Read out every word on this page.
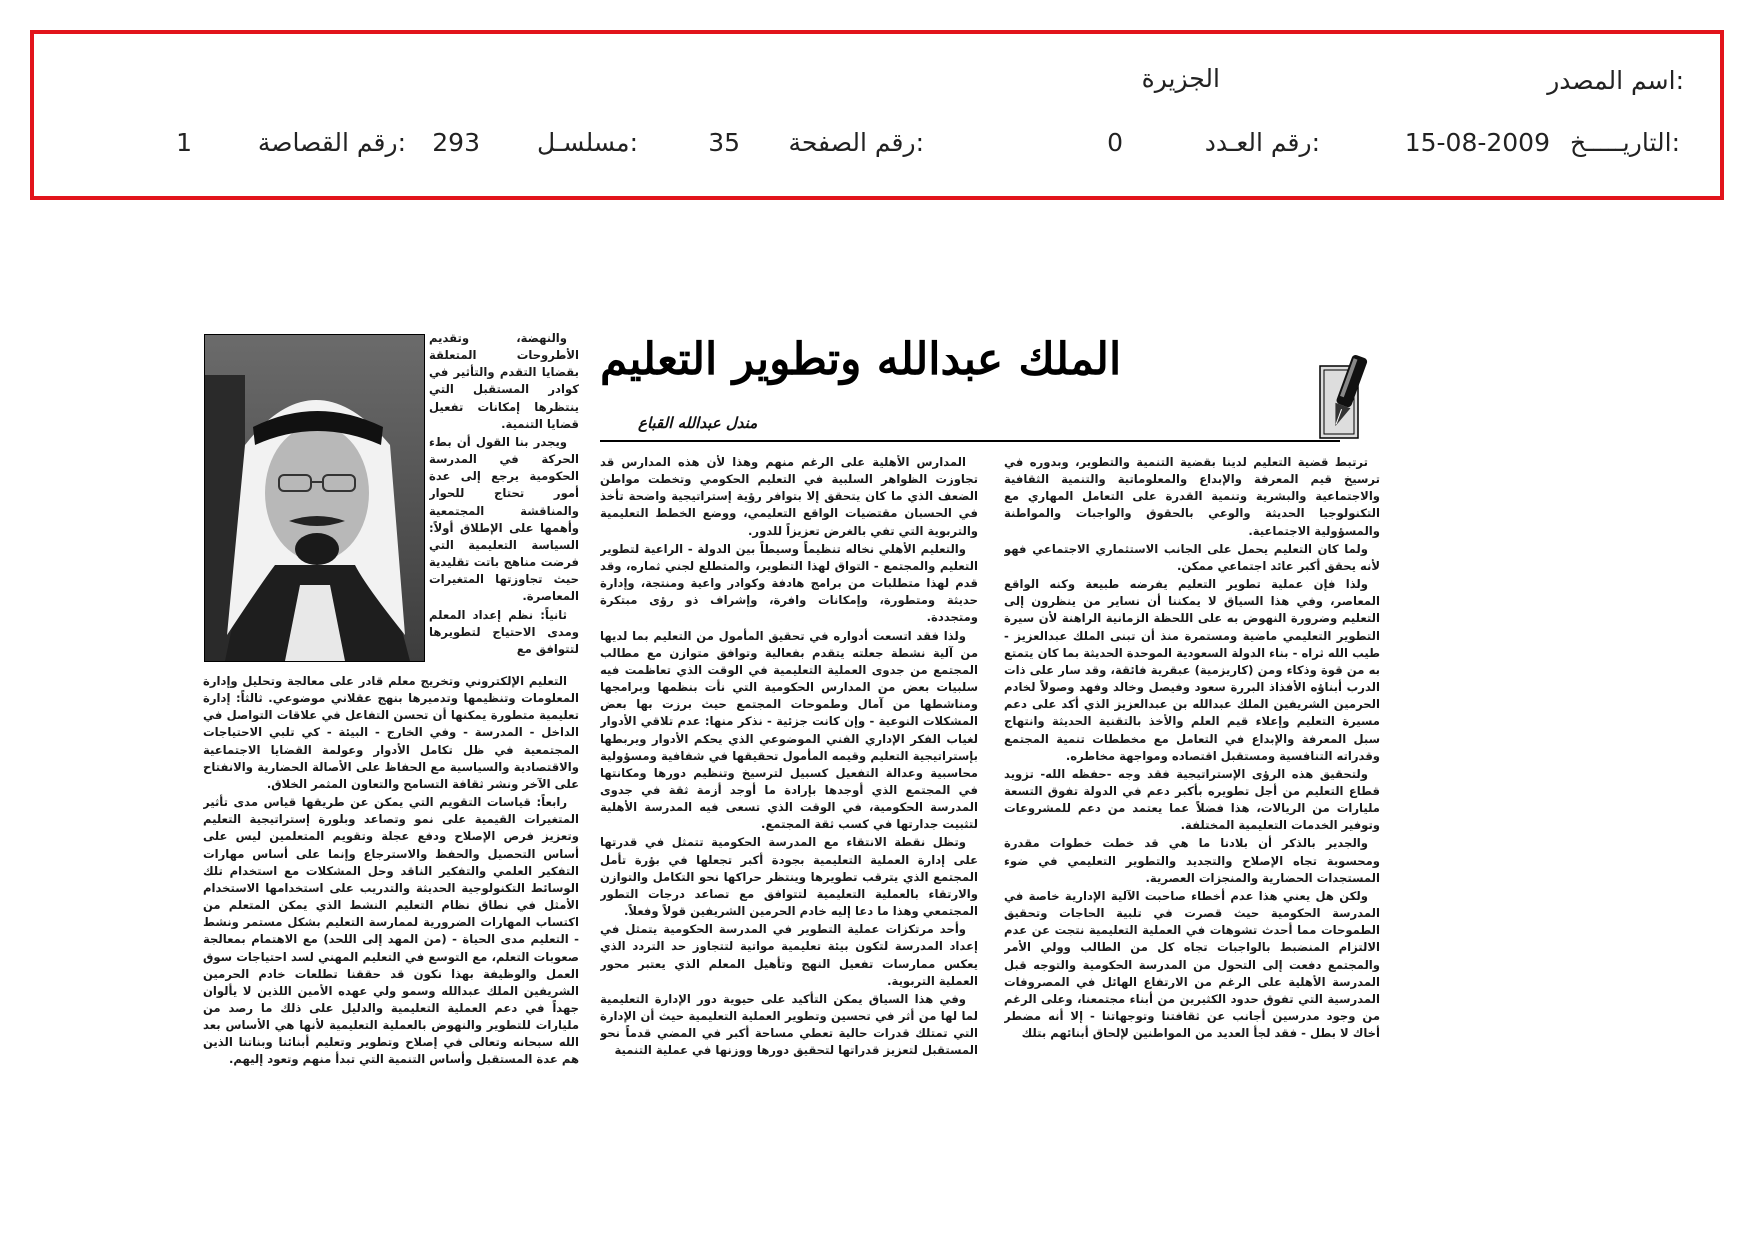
اسم المصدر:
الجزيرة
التاريـــــخ:
15-08-2009
رقم العـدد:
0
رقم الصفحة:
35
مسلسـل:
293
رقم القصاصة:
1
الملك عبدالله وتطوير التعليم
مندل عبدالله القباع

ترتبط قضية التعليم لدينا بقضية التنمية والتطوير، وبدوره في ترسيخ قيم المعرفة والإبداع والمعلوماتية والتنمية الثقافية والاجتماعية والبشرية وتنمية القدرة على التعامل المهاري مع التكنولوجيا الحديثة والوعي بالحقوق والواجبات والمواطنة والمسؤولية الاجتماعية.

ولما كان التعليم يحمل على الجانب الاستثماري الاجتماعي فهو لأنه يحقق أكبر عائد اجتماعي ممكن.

ولذا فإن عملية تطوير التعليم يفرضه طبيعة وكنه الواقع المعاصر، وفي هذا السياق لا يمكننا أن نساير من ينظرون إلى التعليم وضرورة النهوض به على اللحظة الزمانية الراهنة لأن سيرة التطوير التعليمي ماضية ومستمرة منذ أن تبنى الملك عبدالعزيز - طيب الله ثراه - بناء الدولة السعودية الموحدة الحديثة بما كان يتمتع به من قوة وذكاء ومن (كاريزمية) عبقرية فائقة، وقد سار على ذات الدرب أبناؤه الأفذاذ البررة سعود وفيصل وخالد وفهد وصولاً لخادم الحرمين الشريفين الملك عبدالله بن عبدالعزيز الذي أكد على دعم مسيرة التعليم وإعلاء قيم العلم والأخذ بالتقنية الحديثة وانتهاج سبل المعرفة والإبداع في التعامل مع مخططات تنمية المجتمع وقدراته التنافسية ومستقبل اقتصاده ومواجهة مخاطره.

ولتحقيق هذه الرؤى الإستراتيجية فقد وجه -حفظه الله- تزويد قطاع التعليم من أجل تطويره بأكبر دعم في الدولة تفوق التسعة مليارات من الريالات، هذا فضلاً عما يعتمد من دعم للمشروعات وتوفير الخدمات التعليمية المختلفة.

والجدير بالذكر أن بلادنا ما هي قد خطت خطوات مقدرة ومحسوبة تجاه الإصلاح والتجديد والتطوير التعليمي في ضوء المستجدات الحضارية والمنجزات العصرية.

ولكن هل يعني هذا عدم أخطاء صاحبت الآلية الإدارية خاصة في المدرسة الحكومية حيث قصرت في تلبية الحاجات وتحقيق الطموحات مما أحدث تشوهات في العملية التعليمية نتجت عن عدم الالتزام المنضبط بالواجبات تجاه كل من الطالب وولي الأمر والمجتمع دفعت إلى التحول من المدرسة الحكومية والتوجه قبل المدرسة الأهلية على الرغم من الارتفاع الهائل في المصروفات المدرسية التي تفوق حدود الكثيرين من أبناء مجتمعنا، وعلى الرغم من وجود مدرسين أجانب عن ثقافتنا وتوجهاتنا - إلا أنه مضطر أخاك لا بطل - فقد لجأ العديد من المواطنين لإلحاق أبنائهم بتلك

المدارس الأهلية على الرغم منهم وهذا لأن هذه المدارس قد تجاوزت الظواهر السلبية في التعليم الحكومي وتخطت مواطن الضعف الذي ما كان يتحقق إلا بتوافر رؤية إستراتيجية واضحة تأخذ في الحسبان مقتضيات الواقع التعليمي، ووضع الخطط التعليمية والتربوية التي تفي بالغرض تعزيزاً للدور.

والتعليم الأهلي نخاله تنظيماً وسيطاً بين الدولة - الراعية لتطوير التعليم والمجتمع - التواق لهذا التطوير، والمتطلع لجني ثماره، وقد قدم لهذا متطلبات من برامج هادفة وكوادر واعية ومنتجة، وإدارة حديثة ومتطورة، وإمكانات وافرة، وإشراف ذو رؤى مبتكرة ومتجددة.

ولذا فقد اتسعت أدواره في تحقيق المأمول من التعليم بما لديها من آلية نشطة جعلته يتقدم بفعالية وتوافق متوازن مع مطالب المجتمع من جدوى العملية التعليمية في الوقت الذي تعاظمت فيه سلبيات بعض من المدارس الحكومية التي نأت بنظمها وبرامجها ومناشطها من آمال وطموحات المجتمع حيث برزت بها بعض المشكلات النوعية - وإن كانت جزئية - نذكر منها: عدم تلاقي الأدوار لغياب الفكر الإداري الفني الموضوعي الذي يحكم الأدوار ويربطها بإستراتيجية التعليم وقيمه المأمول تحقيقها في شفافية ومسؤولية محاسبية وعدالة التفعيل كسبيل لترسيخ وتنظيم دورها ومكانتها في المجتمع الذي أوجدها بإرادة ما أوجد أزمة ثقة في جدوى المدرسة الحكومية، في الوقت الذي تسعى فيه المدرسة الأهلية لتثبيت جدارتها في كسب ثقة المجتمع.

وتظل نقطة الانتقاء مع المدرسة الحكومية تتمثل في قدرتها على إدارة العملية التعليمية بجودة أكبر تجعلها في بؤرة تأمل المجتمع الذي يترقب تطويرها وينتظر حراكها نحو التكامل والتوازن والارتقاء بالعملية التعليمية لتتوافق مع تصاعد درجات التطور المجتمعي وهذا ما دعا إليه خادم الحرمين الشريفين قولاً وفعلاً.

وأحد مرتكزات عملية التطوير في المدرسة الحكومية يتمثل في إعداد المدرسة لتكون بيئة تعليمية مواتية لتتجاوز حد التردد الذي يعكس ممارسات تفعيل النهج وتأهيل المعلم الذي يعتبر محور العملية التربوية.

وفي هذا السياق يمكن التأكيد على حيوية دور الإدارة التعليمية لما لها من أثر في تحسين وتطوير العملية التعليمية حيث أن الإدارة التي تمتلك قدرات حالية تعطي مساحة أكبر في المضي قدماً نحو المستقبل لتعزيز قدراتها لتحقيق دورها ووزنها في عملية التنمية

والنهضة، وتقديم الأطروحات المتعلقة بقضايا التقدم والتأثير في كوادر المستقبل التي ينتظرها إمكانات تفعيل قضايا التنمية.

ويجدر بنا القول أن بطء الحركة في المدرسة الحكومية يرجع إلى عدة أمور تحتاج للحوار والمناقشة المجتمعية وأهمها على الإطلاق أولاً: السياسة التعليمية التي فرضت مناهج باتت تقليدية حيث تجاوزتها المتغيرات المعاصرة.

ثانياً: نظم إعداد المعلم ومدى الاحتياج لتطويرها لتتوافق مع

التعليم الإلكتروني وتخريج معلم قادر على معالجة وتحليل وإدارة المعلومات وتنظيمها وتدميرها بنهج عقلاني موضوعي. ثالثاً: إدارة تعليمية متطورة يمكنها أن تحسن التفاعل في علاقات التواصل في الداخل - المدرسة - وفي الخارج - البيئة - كي تلبي الاحتياجات المجتمعية في ظل تكامل الأدوار وعولمة القضايا الاجتماعية والاقتصادية والسياسية مع الحفاظ على الأصالة الحضارية والانفتاح على الآخر ونشر ثقافة التسامح والتعاون المثمر الخلاق.

رابعاً: قياسات التقويم التي يمكن عن طريقها قياس مدى تأثير المتغيرات القيمية على نمو وتصاعد وبلورة إستراتيجية التعليم وتعزيز فرص الإصلاح ودفع عجلة وتقويم المتعلمين ليس على أساس التحصيل والحفظ والاسترجاع وإنما على أساس مهارات التفكير العلمي والتفكير الناقد وحل المشكلات مع استخدام تلك الوسائط التكنولوجية الحديثة والتدريب على استخدامها الاستخدام الأمثل في نطاق نظام التعليم النشط الذي يمكن المتعلم من اكتساب المهارات الضرورية لممارسة التعليم بشكل مستمر ونشط - التعليم مدى الحياة - (من المهد إلى اللحد) مع الاهتمام بمعالجة صعوبات التعلم، مع التوسع في التعليم المهني لسد احتياجات سوق العمل والوظيفة بهذا نكون قد حققنا تطلعات خادم الحرمين الشريفين الملك عبدالله وسمو ولي عهده الأمين اللذين لا يألوان جهداً في دعم العملية التعليمية والدليل على ذلك ما رصد من مليارات للتطوير والنهوض بالعملية التعليمية لأنها هي الأساس بعد الله سبحانه وتعالى في إصلاح وتطوير وتعليم أبنائنا وبناتنا الذين هم عدة المستقبل وأساس التنمية التي تبدأ منهم وتعود إليهم.
